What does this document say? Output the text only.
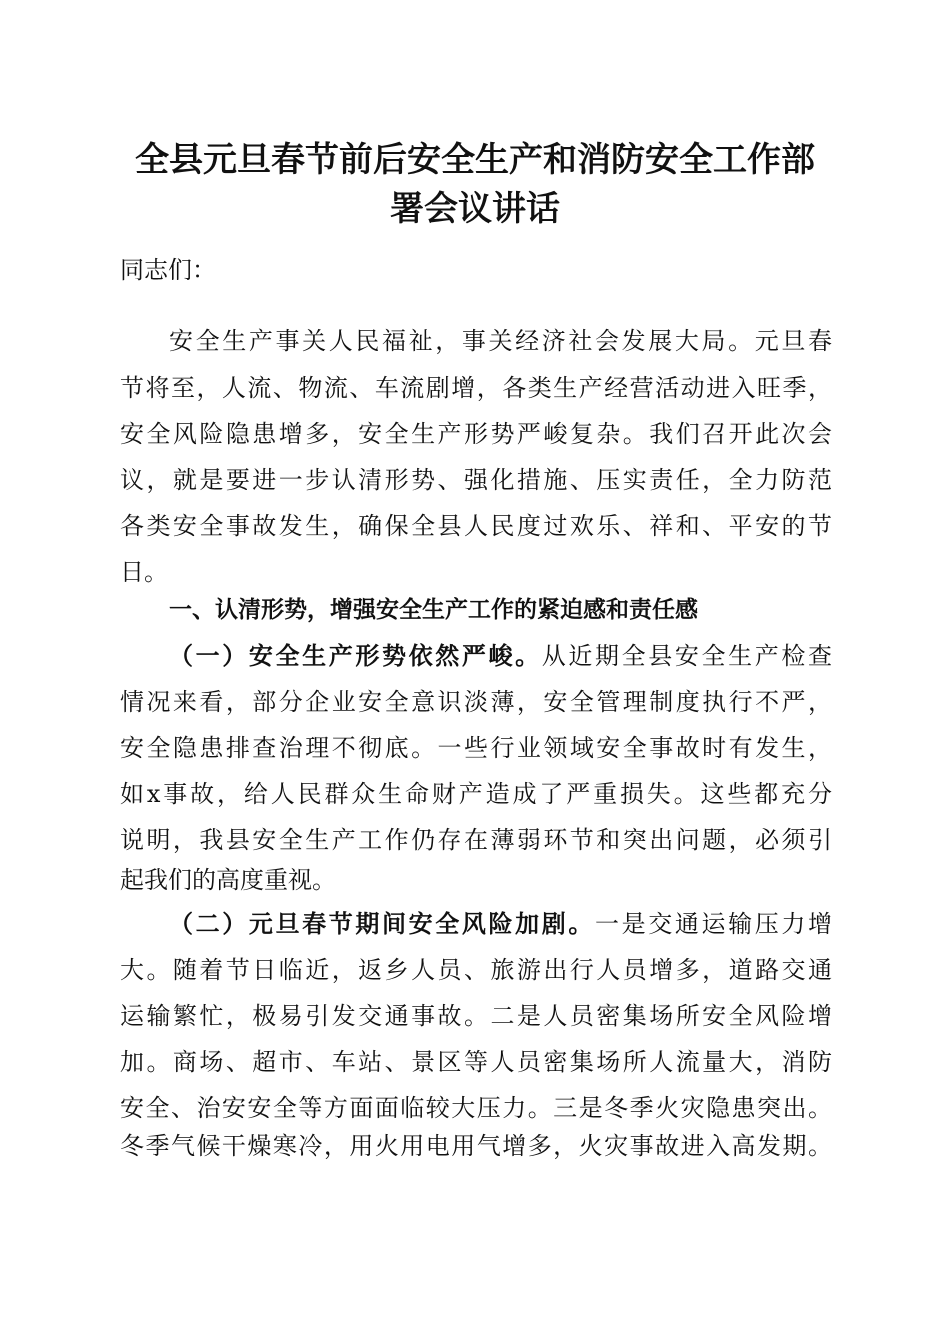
全县元旦春节前后安全生产和消防安全工作部
署会议讲话
同志们：
安全生产事关人民福祉，事关经济社会发展大局。元旦春
节将至，人流、物流、车流剧增，各类生产经营活动进入旺季，
安全风险隐患增多，安全生产形势严峻复杂。我们召开此次会
议，就是要进一步认清形势、强化措施、压实责任，全力防范
各类安全事故发生，确保全县人民度过欢乐、祥和、平安的节
日。
一、认清形势，增强安全生产工作的紧迫感和责任感
（一）安全生产形势依然严峻。从近期全县安全生产检查
情况来看，部分企业安全意识淡薄，安全管理制度执行不严，
安全隐患排查治理不彻底。一些行业领域安全事故时有发生，
如x事故，给人民群众生命财产造成了严重损失。这些都充分
说明，我县安全生产工作仍存在薄弱环节和突出问题，必须引
起我们的高度重视。
（二）元旦春节期间安全风险加剧。一是交通运输压力增
大。随着节日临近，返乡人员、旅游出行人员增多，道路交通
运输繁忙，极易引发交通事故。二是人员密集场所安全风险增
加。商场、超市、车站、景区等人员密集场所人流量大，消防
安全、治安安全等方面面临较大压力。三是冬季火灾隐患突出。
冬季气候干燥寒冷，用火用电用气增多，火灾事故进入高发期。
